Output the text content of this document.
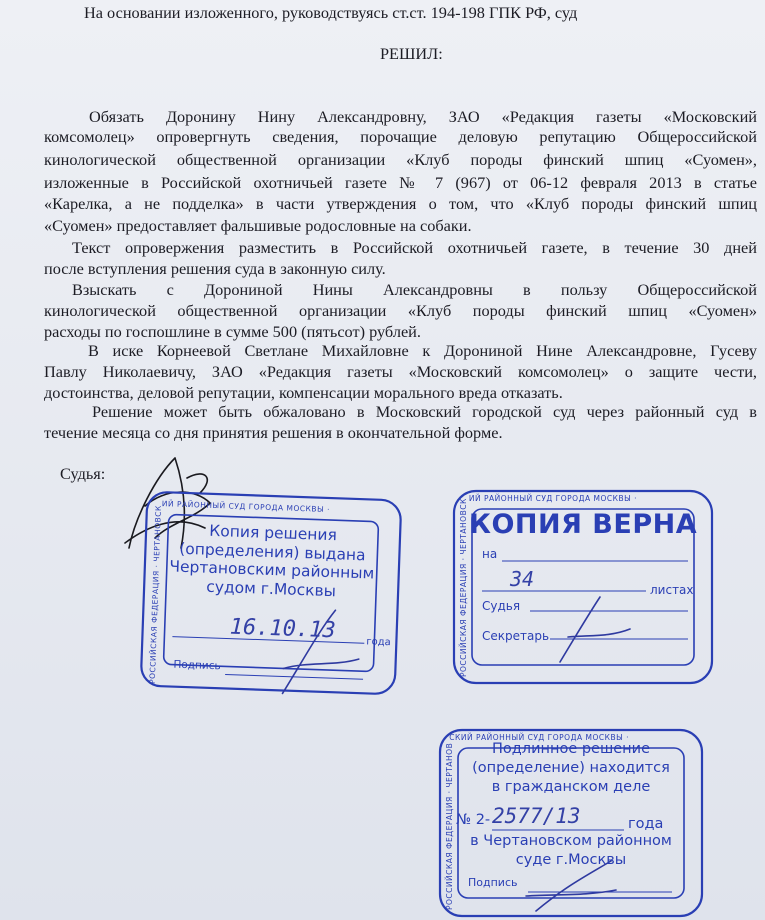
На основании изложенного, руководствуясь ст.ст. 194-198 ГПК РФ, суд
РЕШИЛ:
Обязать Доронину Нину Александровну, ЗАО «Редакция газеты «Московский
комсомолец» опровергнуть сведения, порочащие деловую репутацию Общероссийской
кинологической общественной организации «Клуб породы финский шпиц «Суомен»,
изложенные в Российской охотничьей газете № 7 (967) от 06-12 февраля 2013 в статье
«Карелка, а не подделка» в части утверждения о том, что «Клуб породы финский шпиц
«Суомен» предоставляет фальшивые родословные на собаки.
Текст опровержения разместить в Российской охотничьей газете, в течение 30 дней
после вступления решения суда в законную силу.
Взыскать с Дорониной Нины Александровны в пользу Общероссийской
кинологической общественной организации «Клуб породы финский шпиц «Суомен»
расходы по госпошлине в сумме 500 (пятьсот) рублей.
В иске Корнеевой Светлане Михайловне к Дорониной Нине Александровне, Гусеву
Павлу Николаевичу, ЗАО «Редакция газеты «Московский комсомолец» о защите чести,
достоинства, деловой репутации, компенсации морального вреда отказать.
Решение может быть обжаловано в Московский городской суд через районный суд в
течение месяца со дня принятия решения в окончательной форме.
Судья:
РОССИЙСКАЯ ФЕДЕРАЦИЯ · ЧЕРТАНОВСКИЙ РАЙОННЫЙ СУД ГОРОДА МОСКВЫ ·
Копия решения
(определения) выдана
Чертановским районным
судом г.Москвы
16.10.13	года
Подпись
РОССИЙСКАЯ ФЕДЕРАЦИЯ · ЧЕРТАНОВСКИЙ РАЙОННЫЙ СУД ГОРОДА МОСКВЫ ·
КОПИЯ ВЕРНА
на
34	листах
Судья
Секретарь
РОССИЙСКАЯ ФЕДЕРАЦИЯ · ЧЕРТАНОВСКИЙ РАЙОННЫЙ СУД ГОРОДА МОСКВЫ ·
Подлинное решение
(определение) находится
в гражданском деле
№ 2- 2577/13	года
в Чертановском районном
суде г.Москвы
Подпись
